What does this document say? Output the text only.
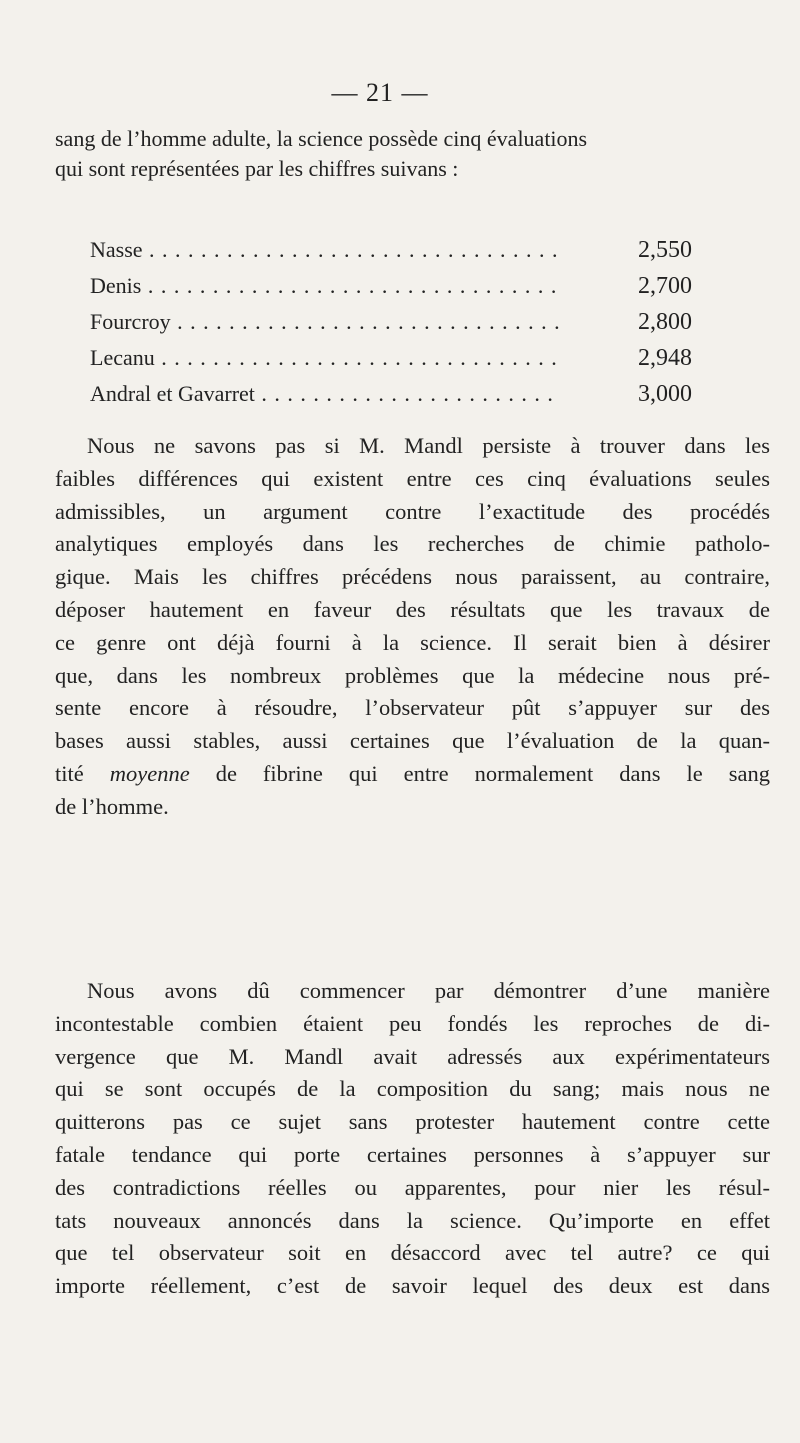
— 21 —
sang de l’homme adulte, la science possède cinq évaluations
qui sont représentées par les chiffres suivans :
Nasse . . .	2,550
Denis . . .	2,700
Fourcroy . . .	2,800
Lecanu . . .	2,948
Andral et Gavarret . . .	3,000
Nous ne savons pas si M. Mandl persiste à trouver dans les
faibles différences qui existent entre ces cinq évaluations seules
admissibles, un argument contre l’exactitude des procédés
analytiques employés dans les recherches de chimie patholo-
gique. Mais les chiffres précédens nous paraissent, au contraire,
déposer hautement en faveur des résultats que les travaux de
ce genre ont déjà fourni à la science. Il serait bien à désirer
que, dans les nombreux problèmes que la médecine nous pré-
sente encore à résoudre, l’observateur pût s’appuyer sur des
bases aussi stables, aussi certaines que l’évaluation de la quan-
tité moyenne de fibrine qui entre normalement dans le sang
de l’homme.
Nous avons dû commencer par démontrer d’une manière
incontestable combien étaient peu fondés les reproches de di-
vergence que M. Mandl avait adressés aux expérimentateurs
qui se sont occupés de la composition du sang; mais nous ne
quitterons pas ce sujet sans protester hautement contre cette
fatale tendance qui porte certaines personnes à s’appuyer sur
des contradictions réelles ou apparentes, pour nier les résul-
tats nouveaux annoncés dans la science. Qu’importe en effet
que tel observateur soit en désaccord avec tel autre? ce qui
importe réellement, c’est de savoir lequel des deux est dans
